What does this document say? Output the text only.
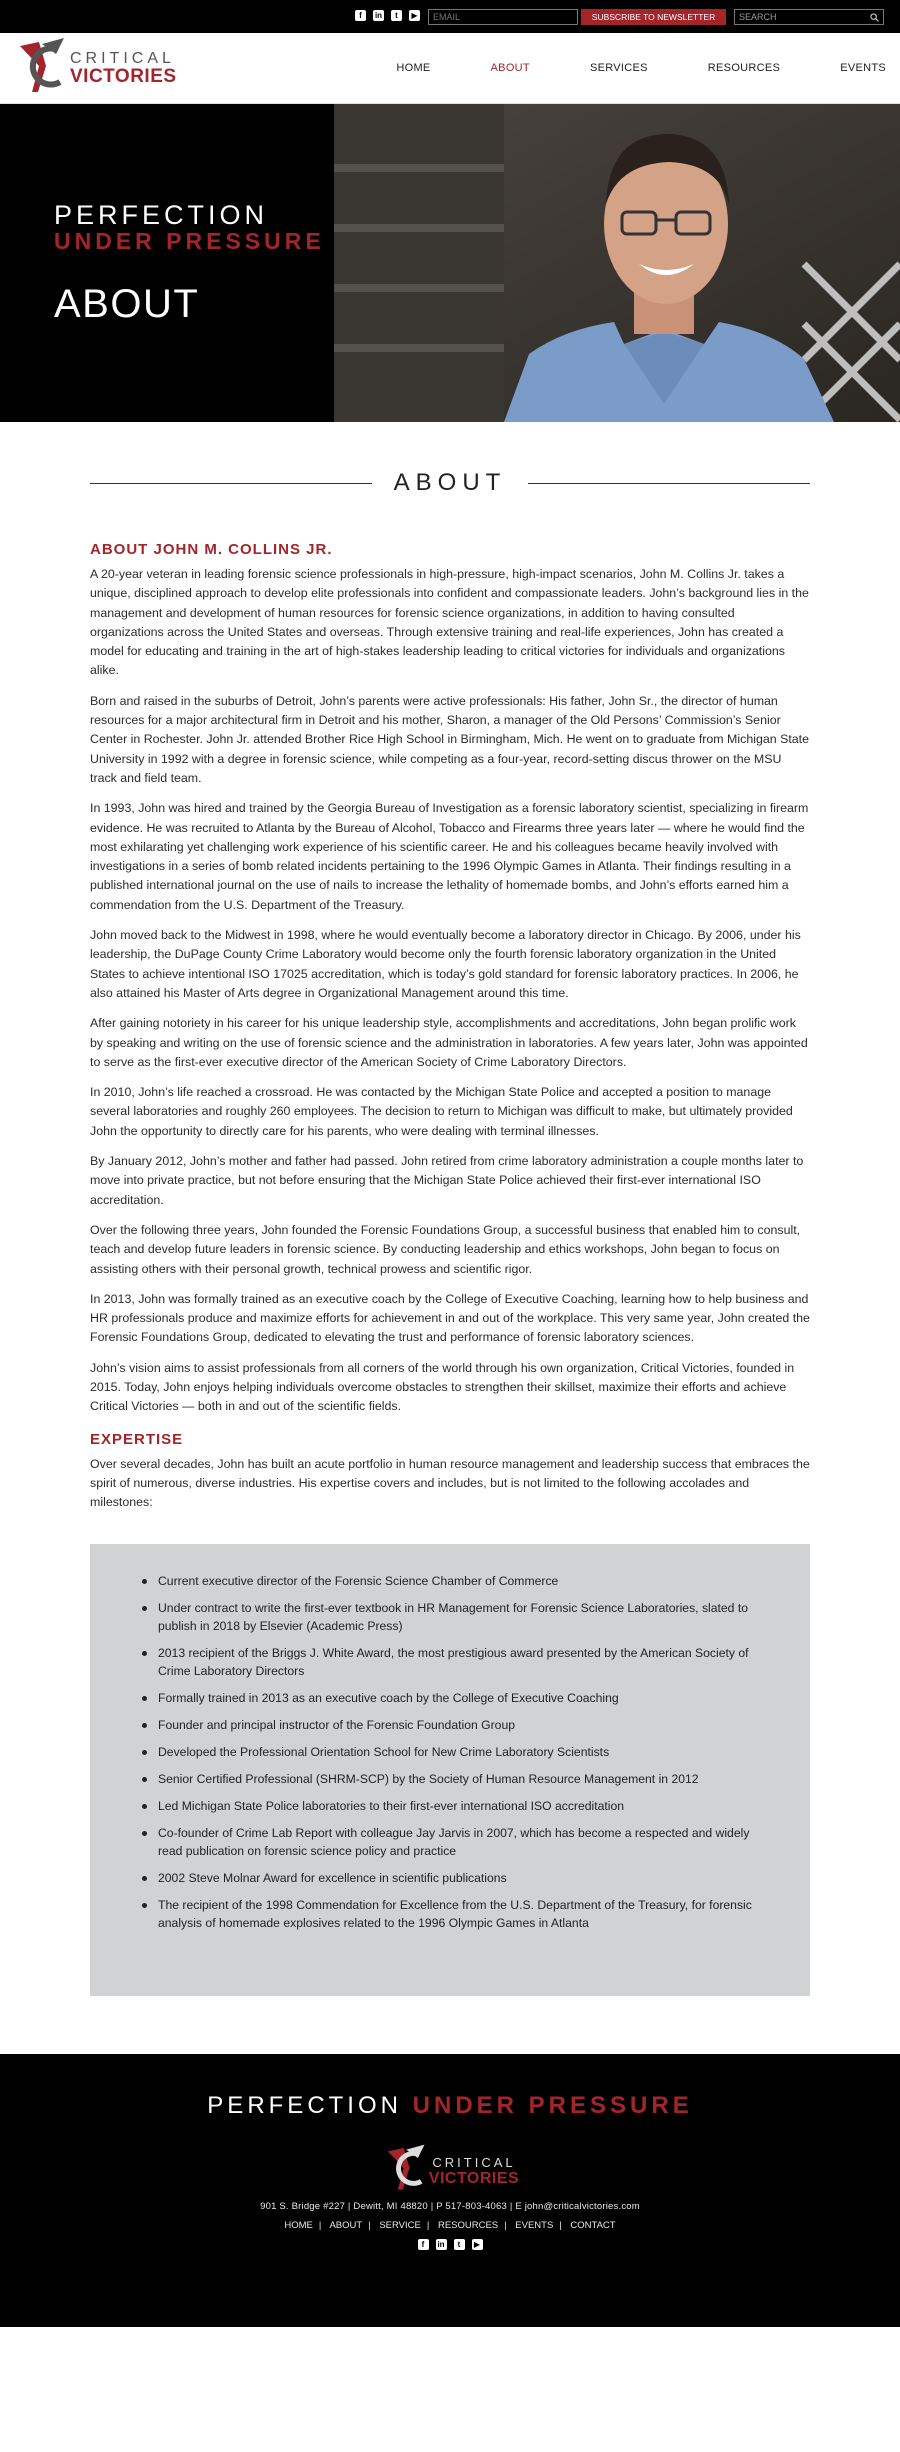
f	in	t	▶
EMAIL	SUBSCRIBE TO NEWSLETTER	SEARCH
CRITICAL
VICTORIES	HOME	ABOUT	SERVICES	RESOURCES	EVENTS
PERFECTION
UNDER PRESSURE
ABOUT
ABOUT
ABOUT JOHN M. COLLINS JR.

A 20-year veteran in leading forensic science professionals in high-pressure, high-impact scenarios, John M. Collins Jr. takes a unique, disciplined approach to develop elite professionals into confident and compassionate leaders. John’s background lies in the management and development of human resources for forensic science organizations, in addition to having consulted organizations across the United States and overseas. Through extensive training and real-life experiences, John has created a model for educating and training in the art of high-stakes leadership leading to critical victories for individuals and organizations alike.

Born and raised in the suburbs of Detroit, John’s parents were active professionals: His father, John Sr., the director of human resources for a major architectural firm in Detroit and his mother, Sharon, a manager of the Old Persons’ Commission’s Senior Center in Rochester. John Jr. attended Brother Rice High School in Birmingham, Mich. He went on to graduate from Michigan State University in 1992 with a degree in forensic science, while competing as a four-year, record-setting discus thrower on the MSU track and field team.

In 1993, John was hired and trained by the Georgia Bureau of Investigation as a forensic laboratory scientist, specializing in firearm evidence. He was recruited to Atlanta by the Bureau of Alcohol, Tobacco and Firearms three years later — where he would find the most exhilarating yet challenging work experience of his scientific career. He and his colleagues became heavily involved with investigations in a series of bomb related incidents pertaining to the 1996 Olympic Games in Atlanta. Their findings resulting in a published international journal on the use of nails to increase the lethality of homemade bombs, and John’s efforts earned him a commendation from the U.S. Department of the Treasury.

John moved back to the Midwest in 1998, where he would eventually become a laboratory director in Chicago. By 2006, under his leadership, the DuPage County Crime Laboratory would become only the fourth forensic laboratory organization in the United States to achieve intentional ISO 17025 accreditation, which is today’s gold standard for forensic laboratory practices. In 2006, he also attained his Master of Arts degree in Organizational Management around this time.

After gaining notoriety in his career for his unique leadership style, accomplishments and accreditations, John began prolific work by speaking and writing on the use of forensic science and the administration in laboratories. A few years later, John was appointed to serve as the first-ever executive director of the American Society of Crime Laboratory Directors.

In 2010, John’s life reached a crossroad. He was contacted by the Michigan State Police and accepted a position to manage several laboratories and roughly 260 employees. The decision to return to Michigan was difficult to make, but ultimately provided John the opportunity to directly care for his parents, who were dealing with terminal illnesses.

By January 2012, John’s mother and father had passed. John retired from crime laboratory administration a couple months later to move into private practice, but not before ensuring that the Michigan State Police achieved their first-ever international ISO accreditation.

Over the following three years, John founded the Forensic Foundations Group, a successful business that enabled him to consult, teach and develop future leaders in forensic science. By conducting leadership and ethics workshops, John began to focus on assisting others with their personal growth, technical prowess and scientific rigor.

In 2013, John was formally trained as an executive coach by the College of Executive Coaching, learning how to help business and HR professionals produce and maximize efforts for achievement in and out of the workplace. This very same year, John created the Forensic Foundations Group, dedicated to elevating the trust and performance of forensic laboratory sciences.

John’s vision aims to assist professionals from all corners of the world through his own organization, Critical Victories, founded in 2015. Today, John enjoys helping individuals overcome obstacles to strengthen their skillset, maximize their efforts and achieve Critical Victories — both in and out of the scientific fields.

EXPERTISE

Over several decades, John has built an acute portfolio in human resource management and leadership success that embraces the spirit of numerous, diverse industries. His expertise covers and includes, but is not limited to the following accolades and milestones:

Current executive director of the Forensic Science Chamber of Commerce
Under contract to write the first-ever textbook in HR Management for Forensic Science Laboratories, slated to publish in 2018 by Elsevier (Academic Press)
2013 recipient of the Briggs J. White Award, the most prestigious award presented by the American Society of Crime Laboratory Directors
Formally trained in 2013 as an executive coach by the College of Executive Coaching
Founder and principal instructor of the Forensic Foundation Group
Developed the Professional Orientation School for New Crime Laboratory Scientists
Senior Certified Professional (SHRM-SCP) by the Society of Human Resource Management in 2012
Led Michigan State Police laboratories to their first-ever international ISO accreditation
Co-founder of Crime Lab Report with colleague Jay Jarvis in 2007, which has become a respected and widely read publication on forensic science policy and practice
2002 Steve Molnar Award for excellence in scientific publications
The recipient of the 1998 Commendation for Excellence from the U.S. Department of the Treasury, for forensic analysis of homemade explosives related to the 1996 Olympic Games in Atlanta
PERFECTION UNDER PRESSURE
CRITICAL
VICTORIES
901 S. Bridge #227 | Dewitt, MI 48820 | P 517-803-4063 | E john@criticalvictories.com
HOME | ABOUT | SERVICE | RESOURCES | EVENTS | CONTACT
f	in	t	▶
